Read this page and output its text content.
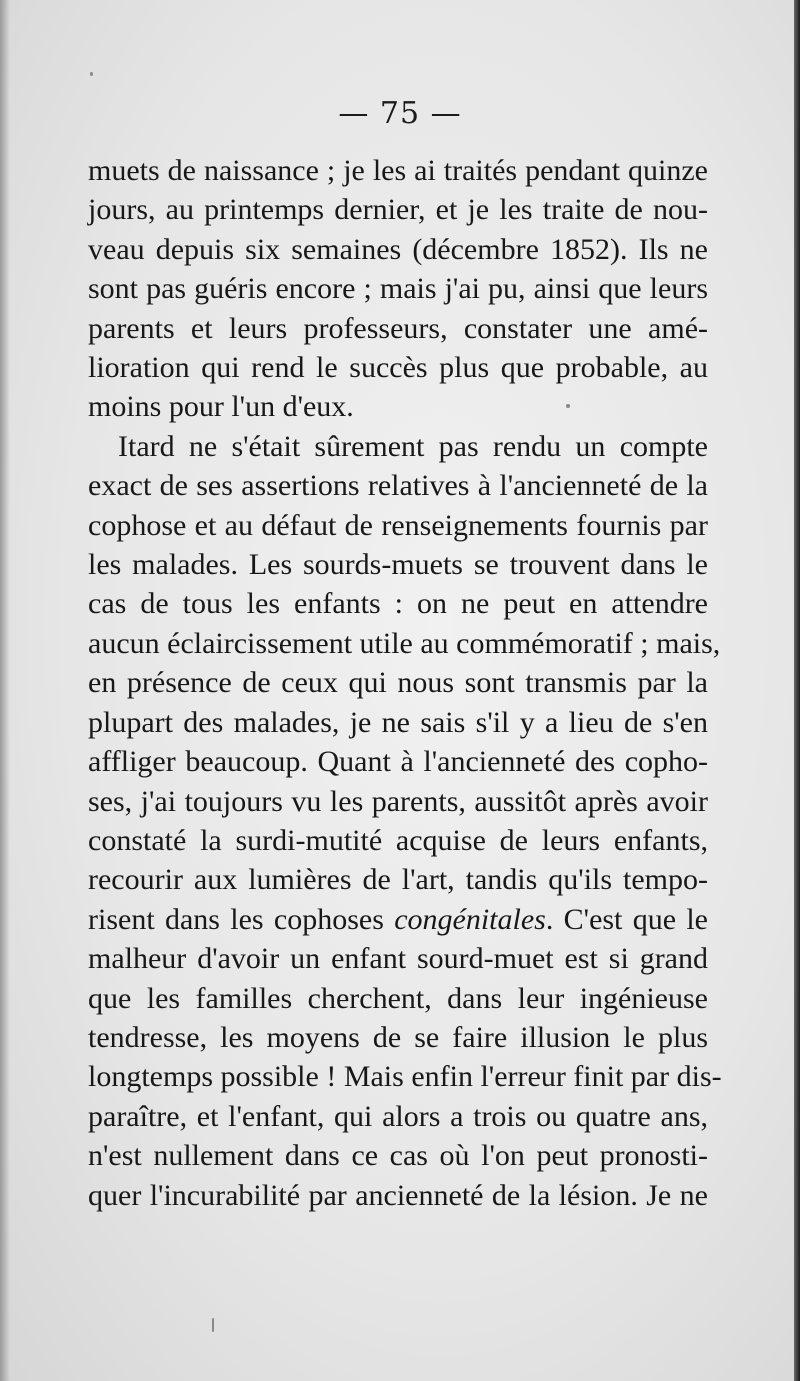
— 75 —
muets de naissance ; je les ai traités pendant quinze
jours, au printemps dernier, et je les traite de nou-
veau depuis six semaines (décembre 1852). Ils ne
sont pas guéris encore ; mais j'ai pu, ainsi que leurs
parents et leurs professeurs, constater une amé-
lioration qui rend le succès plus que probable, au
moins pour l'un d'eux.
Itard ne s'était sûrement pas rendu un compte
exact de ses assertions relatives à l'ancienneté de la
cophose et au défaut de renseignements fournis par
les malades. Les sourds-muets se trouvent dans le
cas de tous les enfants : on ne peut en attendre
aucun éclaircissement utile au commémoratif ; mais,
en présence de ceux qui nous sont transmis par la
plupart des malades, je ne sais s'il y a lieu de s'en
affliger beaucoup. Quant à l'ancienneté des copho-
ses, j'ai toujours vu les parents, aussitôt après avoir
constaté la surdi-mutité acquise de leurs enfants,
recourir aux lumières de l'art, tandis qu'ils tempo-
risent dans les cophoses congénitales. C'est que le
malheur d'avoir un enfant sourd-muet est si grand
que les familles cherchent, dans leur ingénieuse
tendresse, les moyens de se faire illusion le plus
longtemps possible ! Mais enfin l'erreur finit par dis-
paraître, et l'enfant, qui alors a trois ou quatre ans,
n'est nullement dans ce cas où l'on peut pronosti-
quer l'incurabilité par ancienneté de la lésion. Je ne
